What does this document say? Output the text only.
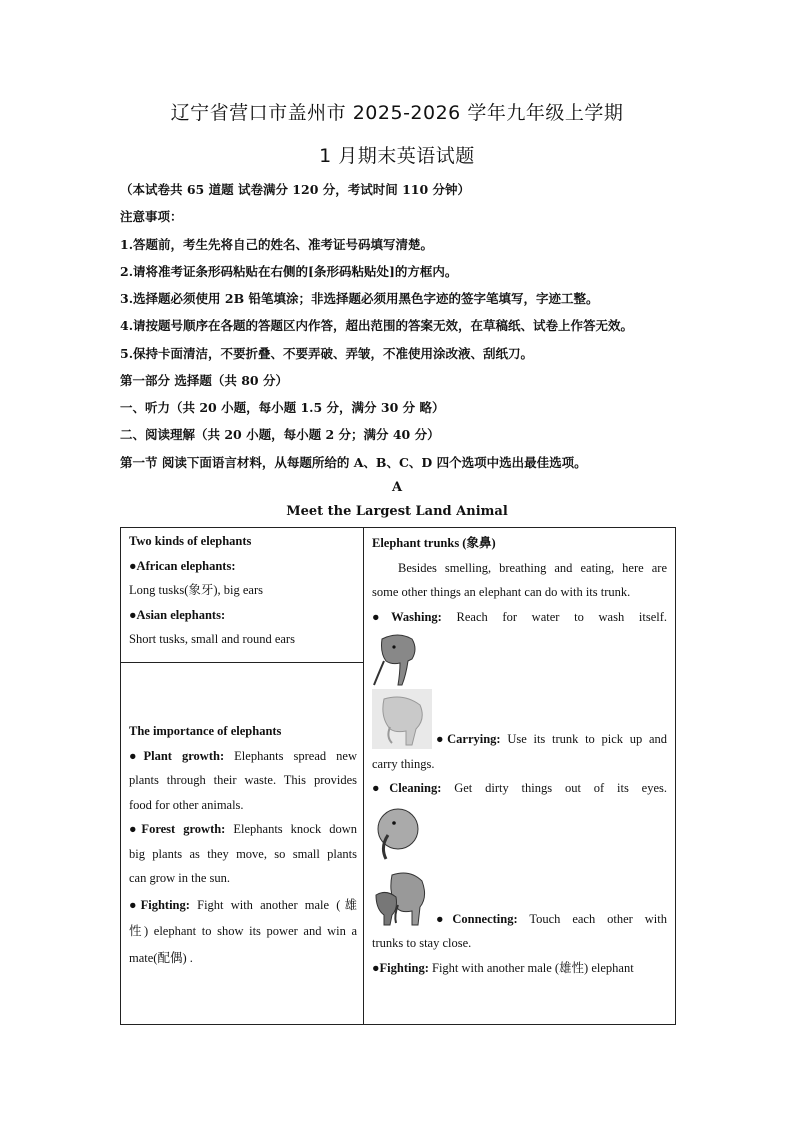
辽宁省营口市盖州市 2025-2026 学年九年级上学期
1 月期末英语试题
（本试卷共 65 道题 试卷满分 120 分，考试时间 110 分钟）
注意事项：
1.答题前，考生先将自己的姓名、准考证号码填写清楚。
2.请将准考证条形码粘贴在右侧的[条形码粘贴处]的方框内。
3.选择题必须使用 2B 铅笔填涂；非选择题必须用黑色字迹的签字笔填写，字迹工整。
4.请按题号顺序在各题的答题区内作答，超出范围的答案无效，在草稿纸、试卷上作答无效。
5.保持卡面清洁，不要折叠、不要弄破、弄皱，不准使用涂改液、刮纸刀。
第一部分 选择题（共 80 分）
一、听力（共 20 小题，每小题 1.5 分，满分 30 分 略）
二、阅读理解（共 20 小题，每小题 2 分；满分 40 分）
第一节 阅读下面语言材料，从每题所给的 A、B、C、D 四个选项中选出最佳选项。
A
Meet the Largest Land Animal

Two kinds of elephants

●African elephants:

Long tusks(象牙), big ears

●Asian elephants:

Short tusks, small and round ears

The importance of elephants

●Plant growth: Elephants spread new

plants through their waste. This provides

food for other animals.

●Forest growth: Elephants knock down

big plants as they move, so small plants

can grow in the sun.

●Fighting: Fight with another male (雄

性) elephant to show its power and win a

mate(配偶) .

Elephant trunks (象鼻)

Besides smelling, breathing and eating, here are

some other things an elephant can do with its trunk.

●Washing: Reach for water to wash itself.

●Carrying: Use its trunk to pick up and

carry things.

●Cleaning: Get dirty things out of its eyes.

●Connecting: Touch each other with

trunks to stay close.

●Fighting: Fight with another male (雄性) elephant
